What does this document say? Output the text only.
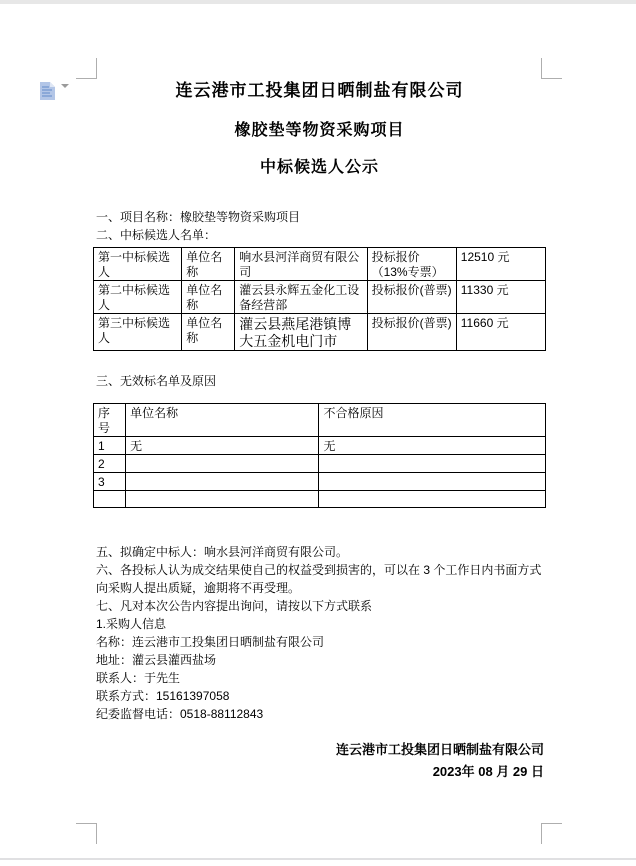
连云港市工投集团日晒制盐有限公司
橡胶垫等物资采购项目
中标候选人公示
一、项目名称：橡胶垫等物资采购项目
二、中标候选人名单：
第一中标候选人	单位名称	响水县河洋商贸有限公司	投标报价（13%专票）	12510 元
第二中标候选人	单位名称	灌云县永辉五金化工设备经营部	投标报价(普票)	11330 元
第三中标候选人	单位名称	灌云县燕尾港镇博大五金机电门市	投标报价(普票)	11660 元
三、无效标名单及原因
序号	单位名称	不合格原因
1	无	无
2		
3		

五、拟确定中标人：响水县河洋商贸有限公司。
六、各投标人认为成交结果使自己的权益受到损害的，可以在 3 个工作日内书面方式向采购人提出质疑，逾期将不再受理。
七、凡对本次公告内容提出询问，请按以下方式联系
1.采购人信息
名称：连云港市工投集团日晒制盐有限公司
地址：灌云县灌西盐场
联系人：于先生
联系方式：15161397058
纪委监督电话：0518-88112843
连云港市工投集团日晒制盐有限公司
2023年 08 月 29 日
